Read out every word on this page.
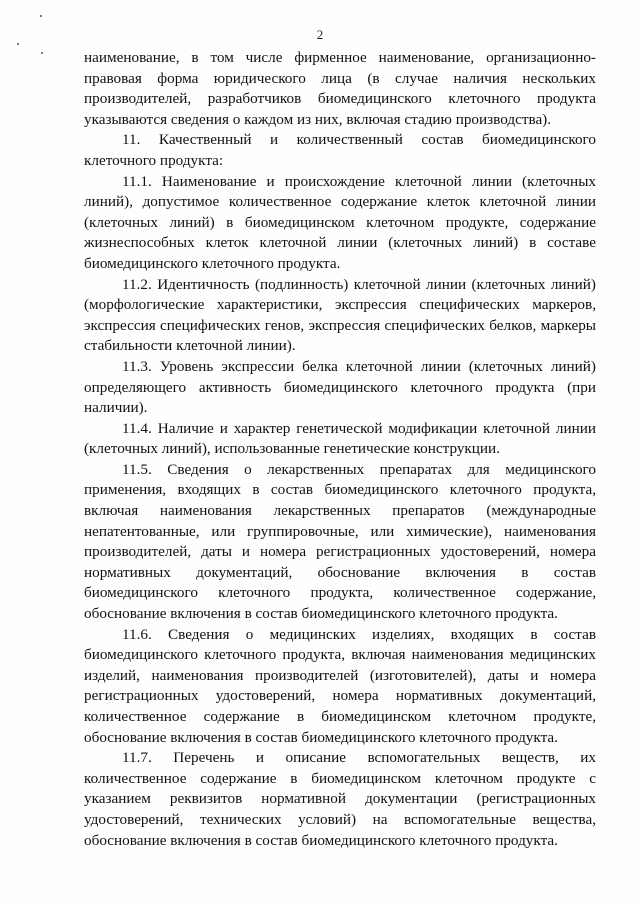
2

наименование, в том числе фирменное наименование, организационно-правовая форма юридического лица (в случае наличия нескольких производителей, разработчиков биомедицинского клеточного продукта указываются сведения о каждом из них, включая стадию производства).

11. Качественный и количественный состав биомедицинского клеточного продукта:

11.1. Наименование и происхождение клеточной линии (клеточных линий), допустимое количественное содержание клеток клеточной линии (клеточных линий) в биомедицинском клеточном продукте, содержание жизнеспособных клеток клеточной линии (клеточных линий) в составе биомедицинского клеточного продукта.

11.2. Идентичность (подлинность) клеточной линии (клеточных линий) (морфологические характеристики, экспрессия специфических маркеров, экспрессия специфических генов, экспрессия специфических белков, маркеры стабильности клеточной линии).

11.3. Уровень экспрессии белка клеточной линии (клеточных линий) определяющего активность биомедицинского клеточного продукта (при наличии).

11.4. Наличие и характер генетической модификации клеточной линии (клеточных линий), использованные генетические конструкции.

11.5. Сведения о лекарственных препаратах для медицинского применения, входящих в состав биомедицинского клеточного продукта, включая наименования лекарственных препаратов (международные непатентованные, или группировочные, или химические), наименования производителей, даты и номера регистрационных удостоверений, номера нормативных документаций, обоснование включения в состав биомедицинского клеточного продукта, количественное содержание, обоснование включения в состав биомедицинского клеточного продукта.

11.6. Сведения о медицинских изделиях, входящих в состав биомедицинского клеточного продукта, включая наименования медицинских изделий, наименования производителей (изготовителей), даты и номера регистрационных удостоверений, номера нормативных документаций, количественное содержание в биомедицинском клеточном продукте, обоснование включения в состав биомедицинского клеточного продукта.

11.7. Перечень и описание вспомогательных веществ, их количественное содержание в биомедицинском клеточном продукте с указанием реквизитов нормативной документации (регистрационных удостоверений, технических условий) на вспомогательные вещества, обоснование включения в состав биомедицинского клеточного продукта.
